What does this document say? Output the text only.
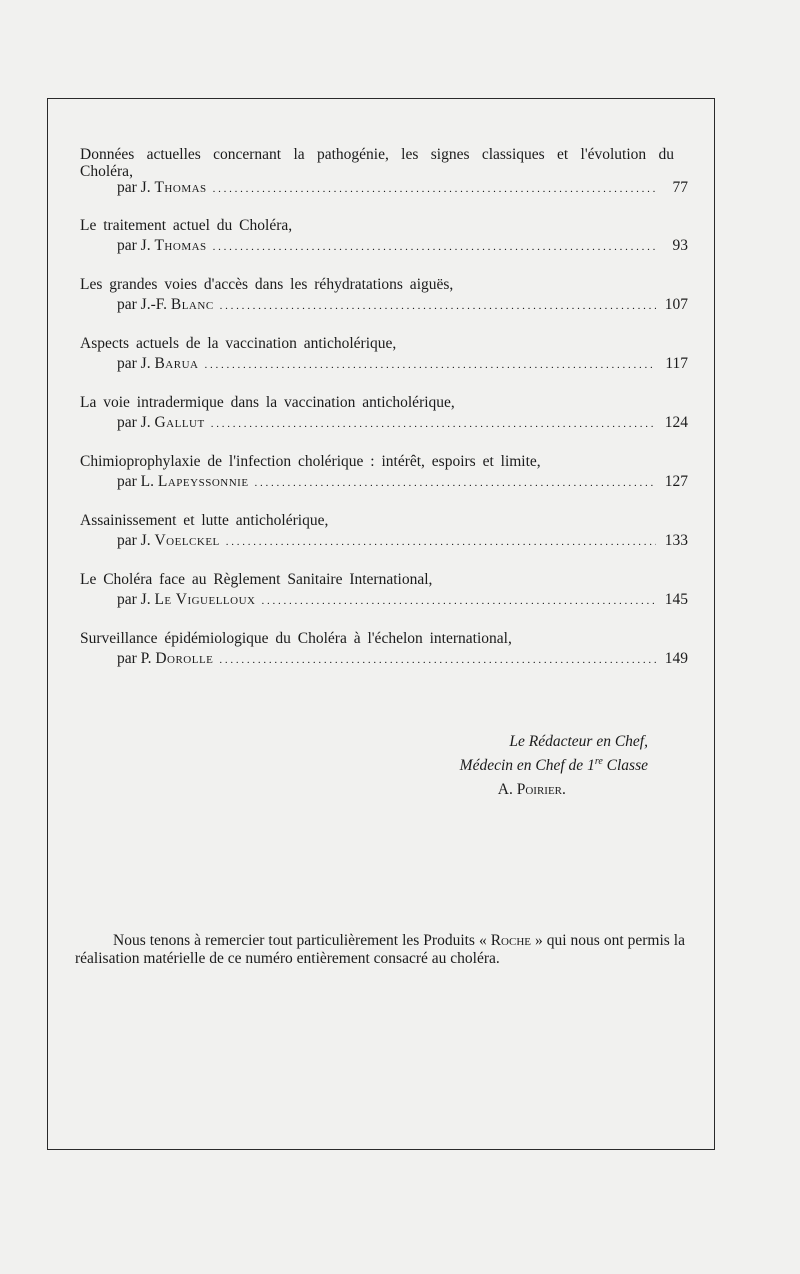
Données actuelles concernant la pathogénie, les signes classiques et l'évolution du Choléra,
par
J.
Thomas . . .	77
Le traitement actuel du Choléra,
par
J.
Thomas . . .	93
Les grandes voies d'accès dans les réhydratations aiguës,
par
J.-F.
Blanc . . .	107
Aspects actuels de la vaccination anticholérique,
par
J.
Barua . . .	117
La voie intradermique dans la vaccination anticholérique,
par
J.
Gallut . . .	124
Chimioprophylaxie de l'infection cholérique : intérêt, espoirs et limite,
par
L.
Lapeyssonnie . . .	127
Assainissement et lutte anticholérique,
par
J.
Voelckel . . .	133
Le Choléra face au Règlement Sanitaire International,
par
J.
Le Viguelloux . . .	145
Surveillance épidémiologique du Choléra à l'échelon international,
par
P.
Dorolle . . .	149
Le Rédacteur en Chef,
Médecin en Chef de 1re Classe
A. Poirier.
Nous tenons à remercier tout particulièrement les Produits « Roche » qui nous ont permis la réalisation matérielle de ce numéro entièrement consacré au choléra.
